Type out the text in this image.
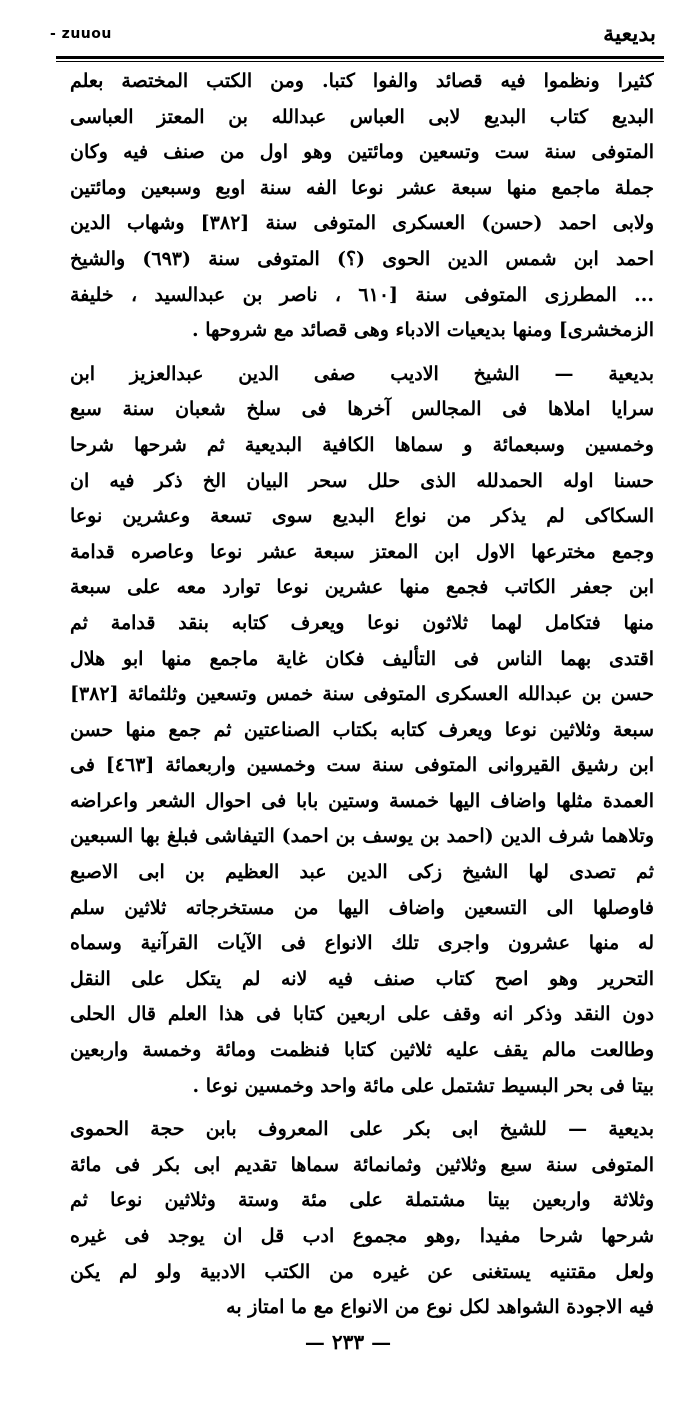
- zuuou	بديعية
كثيرا ونظموا فيه قصائد والفوا كتبا. ومن الكتب المختصة بعلم
البديع كتاب البديع لابى العباس عبدالله بن المعتز العباسى
المتوفى سنة ست وتسعين ومائتين وهو اول من صنف فيه وكان
جملة ماجمع منها سبعة عشر نوعا الفه سنة اوبع وسبعين ومائتين
ولابى احمد (حسن) العسكرى المتوفى سنة [٣٨٢] وشهاب الدين
احمد ابن شمس الدين الحوى (؟) المتوفى سنة (٦٩٣) والشيخ
... المطرزى المتوفى سنة [٦١٠ ، ناصر بن عبدالسيد ، خليفة
الزمخشرى] ومنها بديعيات الادباء وهى قصائد مع شروحها .
بديعية — الشيخ الاديب صفى الدين عبدالعزيز ابن
سرايا املاها فى المجالس آخرها فى سلخ شعبان سنة سبع
وخمسين وسبعمائة و سماها الكافية البديعية ثم شرحها شرحا
حسنا اوله الحمدلله الذى حلل سحر البيان الخ ذكر فيه ان
السكاكى لم يذكر من نواع البديع سوى تسعة وعشرين نوعا
وجمع مخترعها الاول ابن المعتز سبعة عشر نوعا وعاصره قدامة
ابن جعفر الكاتب فجمع منها عشرين نوعا توارد معه على سبعة
منها فتكامل لهما ثلاثون نوعا ويعرف كتابه بنقد قدامة ثم
اقتدى بهما الناس فى التأليف فكان غاية ماجمع منها ابو هلال
حسن بن عبدالله العسكرى المتوفى سنة خمس وتسعين وثلثمائة [٣٨٢]
سبعة وثلاثين نوعا ويعرف كتابه بكتاب الصناعتين ثم جمع منها حسن
ابن رشيق القيروانى المتوفى سنة ست وخمسين واربعمائة [٤٦٣] فى
العمدة مثلها واضاف اليها خمسة وستين بابا فى احوال الشعر واعراضه
وتلاهما شرف الدين (احمد بن يوسف بن احمد) التيفاشى فبلغ بها السبعين
ثم تصدى لها الشيخ زكى الدين عبد العظيم بن ابى الاصبع
فاوصلها الى التسعين واضاف اليها من مستخرجاته ثلاثين سلم
له منها عشرون واجرى تلك الانواع فى الآيات القرآنية وسماه
التحرير وهو اصح كتاب صنف فيه لانه لم يتكل على النقل
دون النقد وذكر انه وقف على اربعين كتابا فى هذا العلم قال الحلى
وطالعت مالم يقف عليه ثلاثين كتابا فنظمت ومائة وخمسة واربعين
بيتا فى بحر البسيط تشتمل على مائة واحد وخمسين نوعا .
بديعية — للشيخ ابى بكر على المعروف بابن حجة الحموى
المتوفى سنة سبع وثلاثين وثمانمائة سماها تقديم ابى بكر فى مائة
وثلاثة واربعين بيتا مشتملة على مئة وستة وثلاثين نوعا ثم
شرحها شرحا مفيدا ,وهو مجموع ادب قل ان يوجد فى غيره
ولعل مقتنيه يستغنى عن غيره من الكتب الادبية ولو لم يكن
فيه الاجودة الشواهد لكل نوع من الانواع مع ما امتاز به
— ٢٣٣ —
